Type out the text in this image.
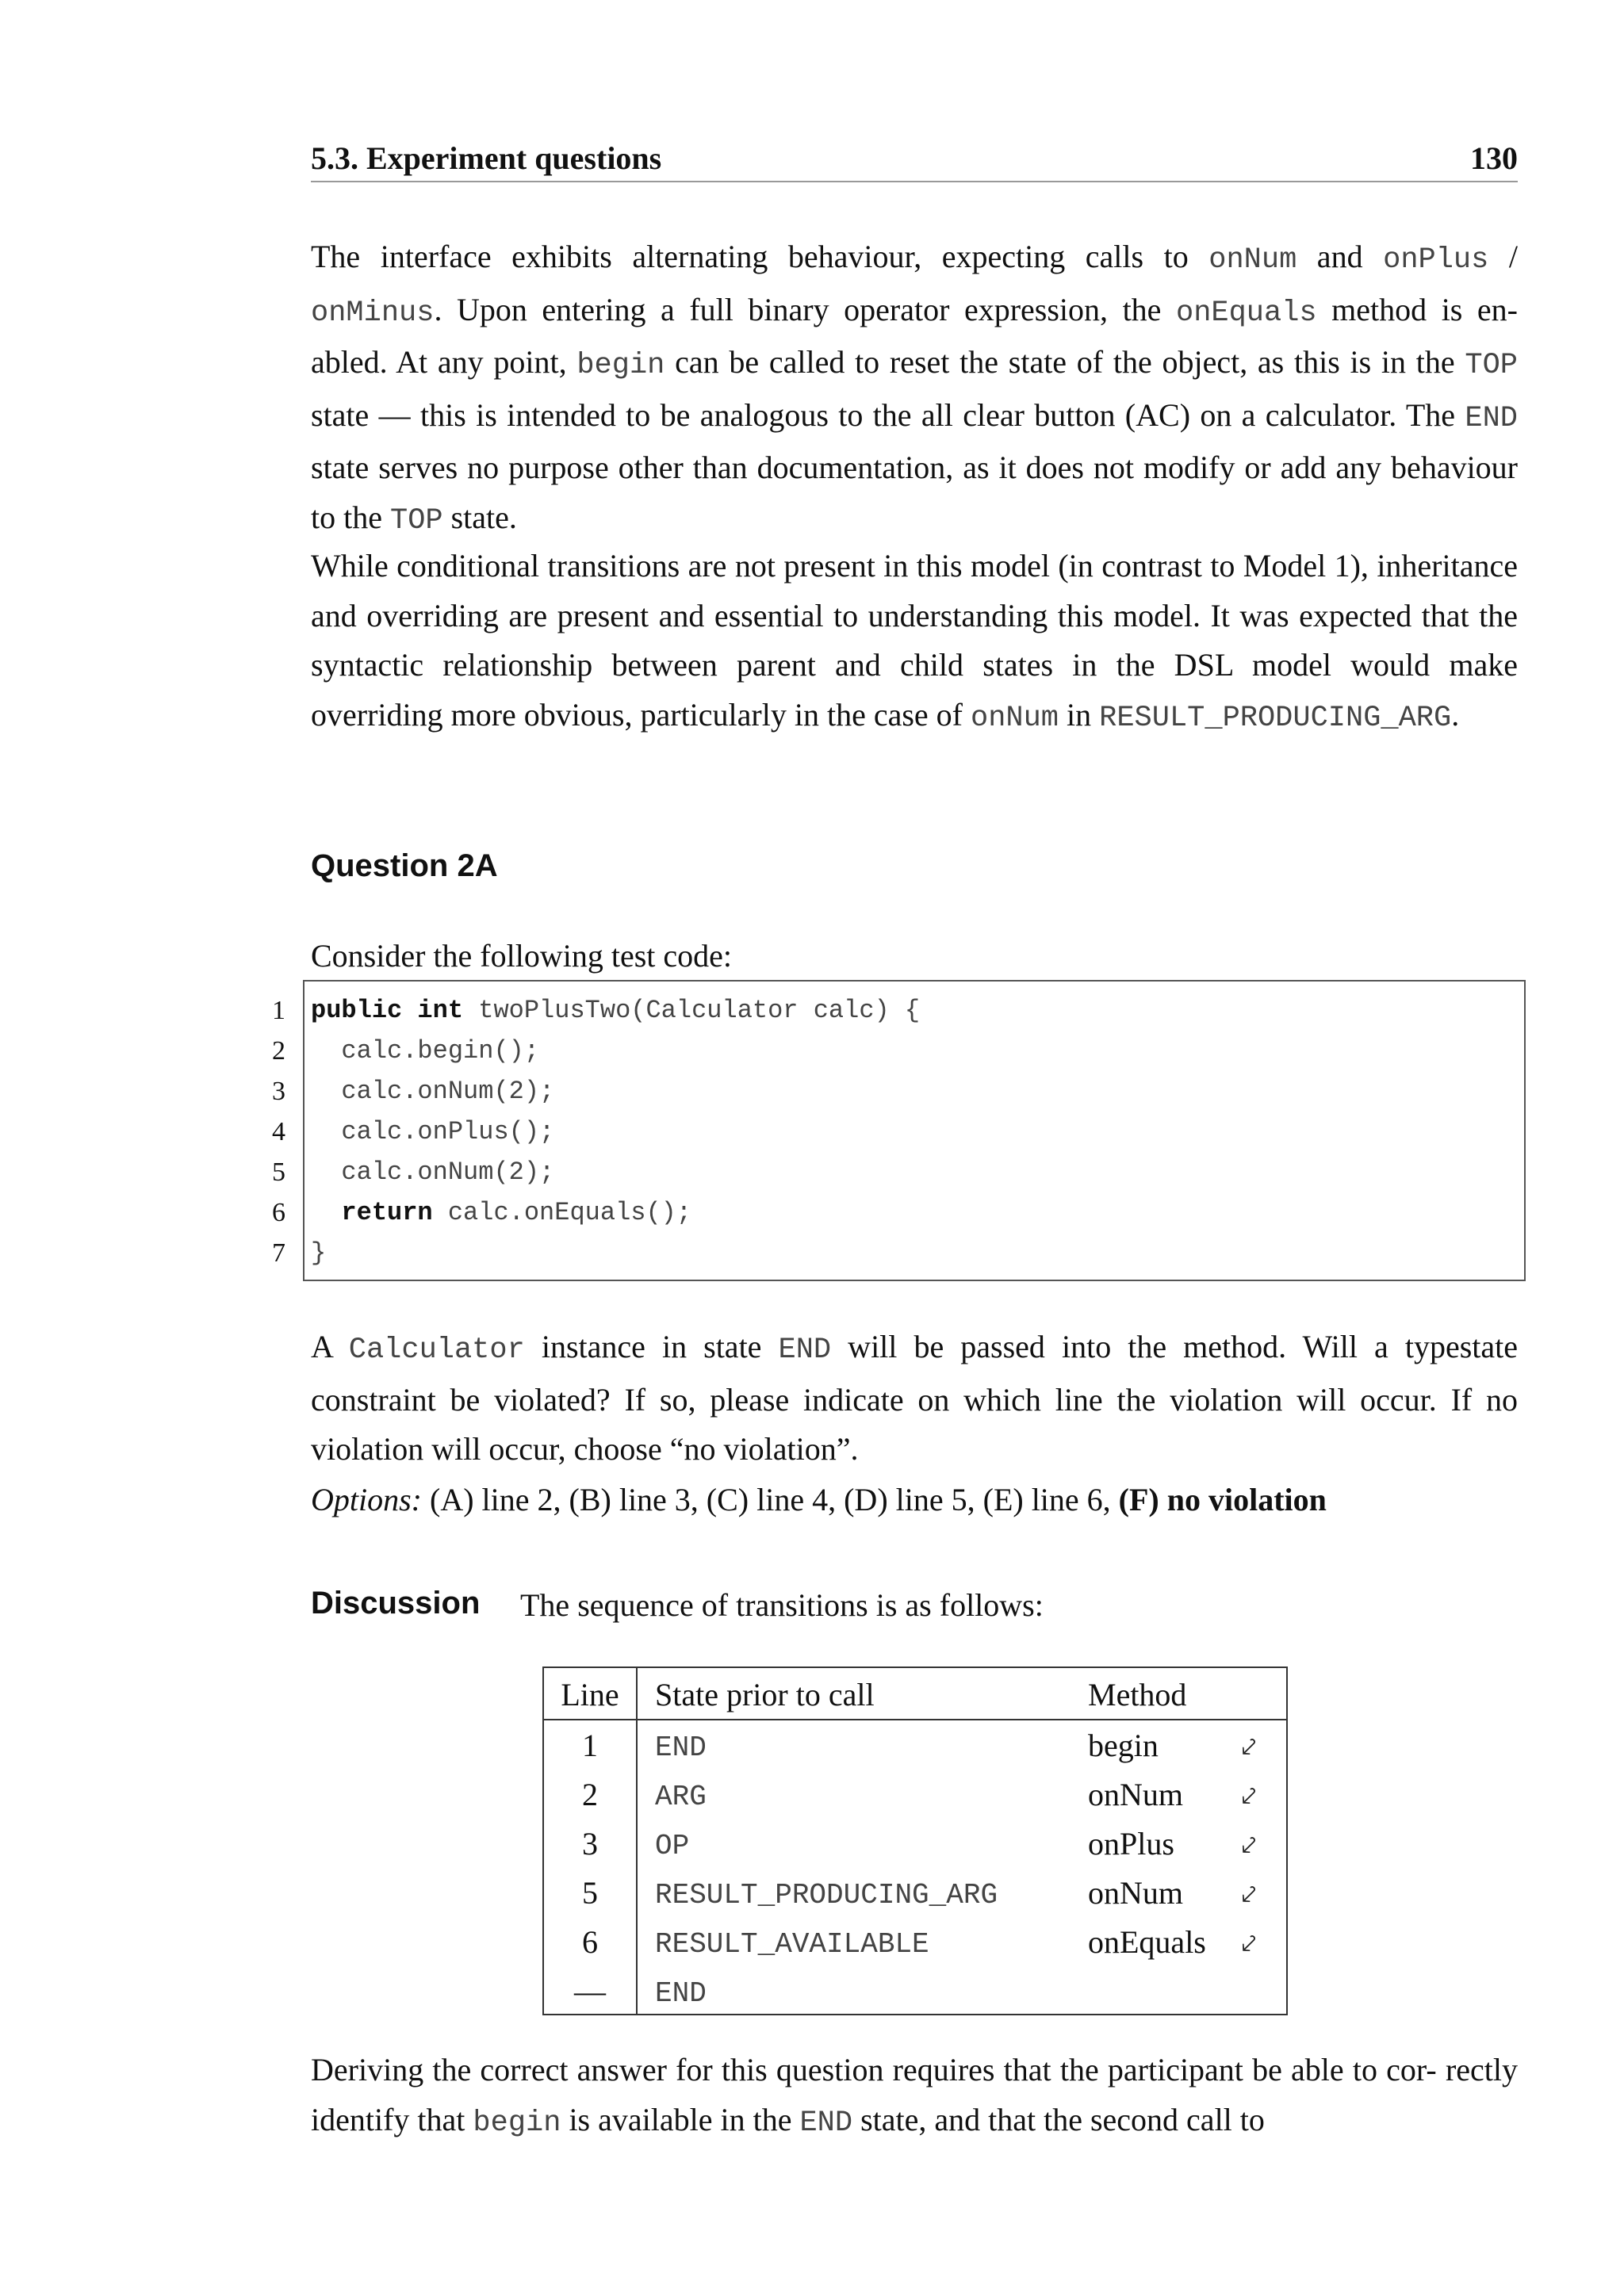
5.3. Experiment questions	130

The interface exhibits alternating behaviour, expecting calls to onNum and onPlus / onMinus. Upon entering a full binary operator expression, the onEquals method is en- abled. At any point, begin can be called to reset the state of the object, as this is in the TOP state — this is intended to be analogous to the all clear button (AC) on a calculator. The END state serves no purpose other than documentation, as it does not modify or add any behaviour to the TOP state.

While conditional transitions are not present in this model (in contrast to Model 1), inheritance and overriding are present and essential to understanding this model. It was expected that the syntactic relationship between parent and child states in the DSL model would make overriding more obvious, particularly in the case of onNum in RESULT_PRODUCING_ARG.

Question 2A
Consider the following test code:
1
2
3
4
5
6
7
public int twoPlusTwo(Calculator calc) {
calc.begin();
calc.onNum(2);
calc.onPlus();
calc.onNum(2);
return calc.onEquals();
}

A Calculator instance in state END will be passed into the method. Will a typestate constraint be violated? If so, please indicate on which line the violation will occur. If no violation will occur, choose “no violation”.

Options: (A) line 2, (B) line 3, (C) line 4, (D) line 5, (E) line 6, (F) no violation
Discussion The sequence of transitions is as follows:
Line	State prior to call	Method
1	END	begin	⤦
2	ARG	onNum ⤦
3	OP	onPlus	⤦
5	RESULT_PRODUCING_ARG	onNum ⤦
6	RESULT_AVAILABLE	onEquals ⤦
—	END

Deriving the correct answer for this question requires that the participant be able to cor- rectly identify that begin is available in the END state, and that the second call to
